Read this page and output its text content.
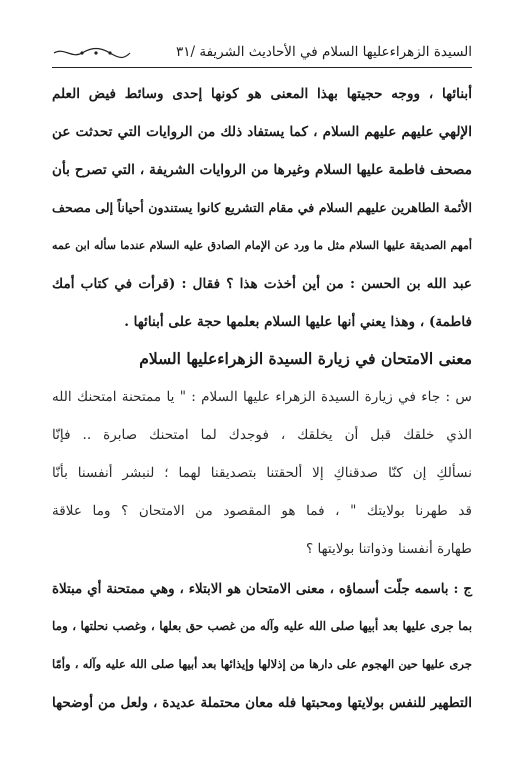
السيدة الزهراءعليها السلام في الأحاديث الشريفة /٣١
أبنائها ، ووجه حجيتها بهذا المعنى هو كونها إحدى وسائط فيض العلم
الإلهي عليهم عليهم السلام ، كما يستفاد ذلك من الروايات التي تحدثت عن
مصحف فاطمة عليها السلام وغيرها من الروايات الشريفة ، التي تصرح بأن
الأئمة الطاهرين عليهم السلام في مقام التشريع كانوا يستندون أحياناً إلى مصحف
أمهم الصديقة عليها السلام مثل ما ورد عن الإمام الصادق عليه السلام عندما سأله ابن عمه
عبد الله بن الحسن : من أين أخذت هذا ؟ فقال : (قرأت في كتاب أمك
فاطمة) ، وهذا يعني أنها عليها السلام بعلمها حجة على أبنائها .
معنى الامتحان في زيارة السيدة الزهراءعليها السلام
س : جاء في زيارة السيدة الزهراء عليها السلام : " يا ممتحنة امتحنك الله
الذي خلقك قبل أن يخلقك ، فوجدك لما امتحنك صابرة .. فإنّا
نسألكِ إن كنّا صدقناكِ إلا ألحقتنا بتصديقنا لهما ؛ لنبشر أنفسنا بأنّا
قد طهرنا بولايتك " ، فما هو المقصود من الامتحان ؟ وما علاقة
طهارة أنفسنا وذواتنا بولايتها ؟
ج : باسمه جلّت أسماؤه ، معنى الامتحان هو الابتلاء ، وهي ممتحنة أي مبتلاة
بما جرى عليها بعد أبيها صلى الله عليه وآله من غصب حق بعلها ، وغصب نحلتها ، وما
جرى عليها حين الهجوم على دارها من إذلالها وإيذائها بعد أبيها صلى الله عليه وآله ، وأمّا
التطهير للنفس بولايتها ومحبتها فله معان محتملة عديدة ، ولعل من أوضحها
